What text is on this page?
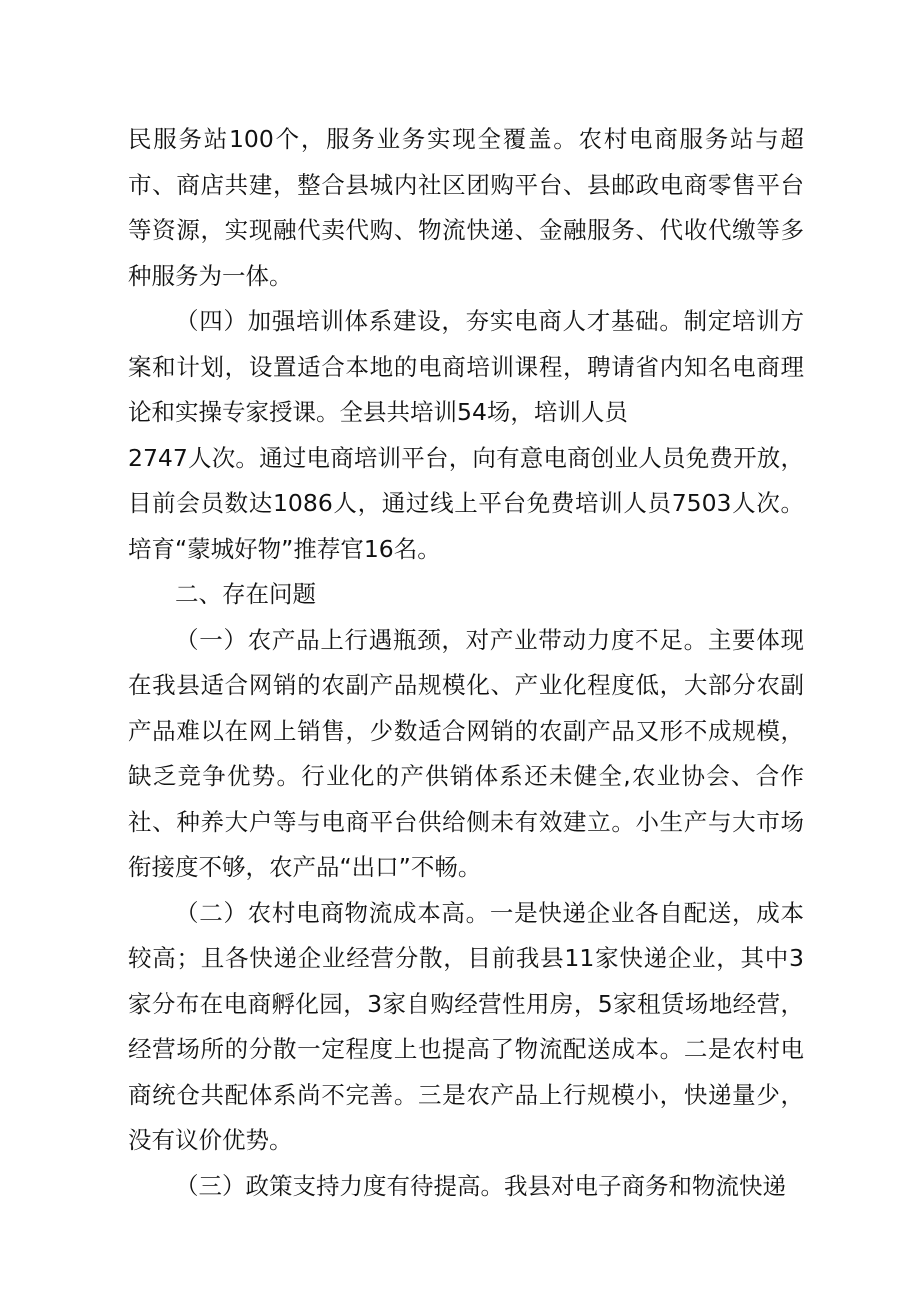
民服务站100个，服务业务实现全覆盖。农村电商服务站与超市、商店共建，整合县城内社区团购平台、县邮政电商零售平台等资源，实现融代卖代购、物流快递、金融服务、代收代缴等多种服务为一体。

（四）加强培训体系建设，夯实电商人才基础。制定培训方案和计划，设置适合本地的电商培训课程，聘请省内知名电商理论和实操专家授课。全县共培训54场，培训人员

2747人次。通过电商培训平台，向有意电商创业人员免费开放，目前会员数达1086人，通过线上平台免费培训人员7503人次。培育“蒙城好物”推荐官16名。

二、存在问题

（一）农产品上行遇瓶颈，对产业带动力度不足。主要体现在我县适合网销的农副产品规模化、产业化程度低，大部分农副产品难以在网上销售，少数适合网销的农副产品又形不成规模，缺乏竞争优势。行业化的产供销体系还未健全,农业协会、合作社、种养大户等与电商平台供给侧未有效建立。小生产与大市场衔接度不够，农产品“出口”不畅。

（二）农村电商物流成本高。一是快递企业各自配送，成本较高；且各快递企业经营分散，目前我县11家快递企业，其中3家分布在电商孵化园，3家自购经营性用房，5家租赁场地经营，经营场所的分散一定程度上也提高了物流配送成本。二是农村电商统仓共配体系尚不完善。三是农产品上行规模小，快递量少，没有议价优势。

（三）政策支持力度有待提高。我县对电子商务和物流快递
